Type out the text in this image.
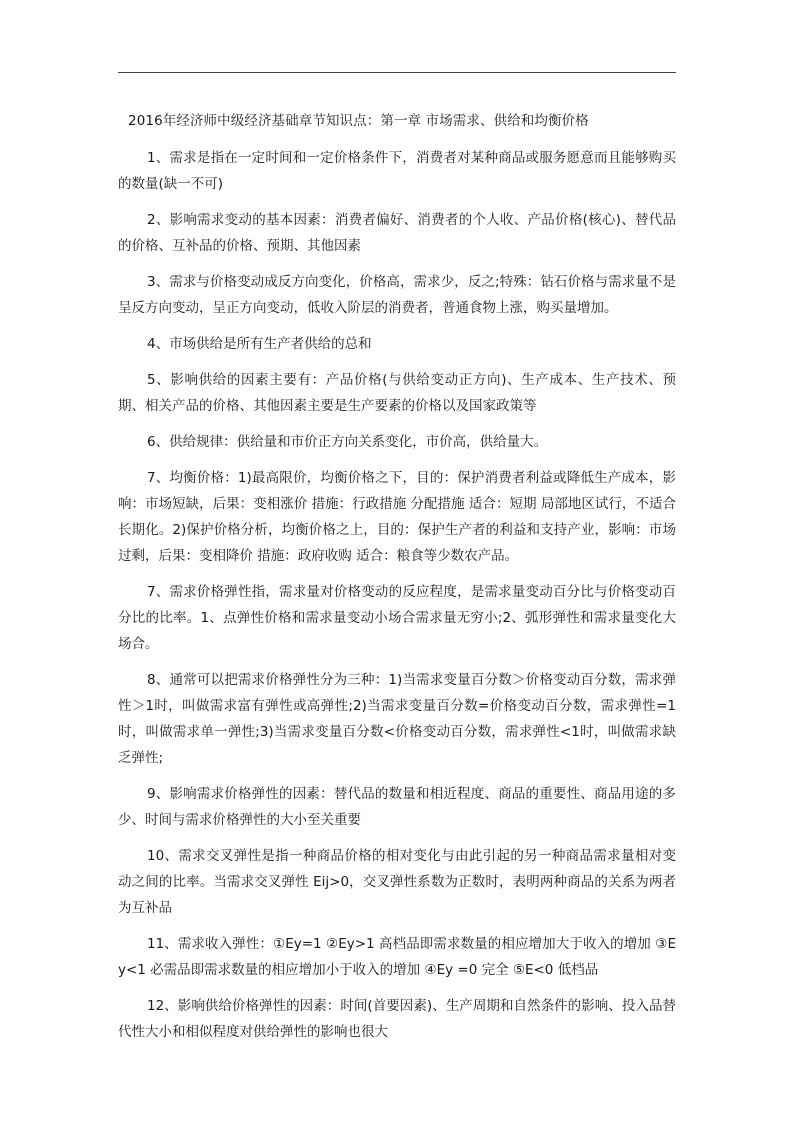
2016年经济师中级经济基础章节知识点：第一章 市场需求、供给和均衡价格

1、需求是指在一定时间和一定价格条件下，消费者对某种商品或服务愿意而且能够购买的数量(缺一不可)

2、影响需求变动的基本因素：消费者偏好、消费者的个人收、产品价格(核心)、替代品的价格、互补品的价格、预期、其他因素

3、需求与价格变动成反方向变化，价格高，需求少，反之;特殊：钻石价格与需求量不是呈反方向变动，呈正方向变动，低收入阶层的消费者，普通食物上涨，购买量增加。

4、市场供给是所有生产者供给的总和

5、影响供给的因素主要有：产品价格(与供给变动正方向)、生产成本、生产技术、预期、相关产品的价格、其他因素主要是生产要素的价格以及国家政策等

6、供给规律：供给量和市价正方向关系变化，市价高，供给量大。

7、均衡价格：1)最高限价，均衡价格之下，目的：保护消费者利益或降低生产成本，影响：市场短缺，后果：变相涨价 措施：行政措施 分配措施 适合：短期 局部地区试行，不适合长期化。2)保护价格分析，均衡价格之上，目的：保护生产者的利益和支持产业，影响：市场过剩，后果：变相降价 措施：政府收购 适合：粮食等少数农产品。

7、需求价格弹性指，需求量对价格变动的反应程度，是需求量变动百分比与价格变动百分比的比率。1、点弹性价格和需求量变动小场合需求量无穷小;2、弧形弹性和需求量变化大场合。

8、通常可以把需求价格弹性分为三种：1)当需求变量百分数＞价格变动百分数，需求弹性＞1时，叫做需求富有弹性或高弹性;2)当需求变量百分数=价格变动百分数，需求弹性=1时，叫做需求单一弹性;3)当需求变量百分数<价格变动百分数，需求弹性<1时，叫做需求缺乏弹性;

9、影响需求价格弹性的因素：替代品的数量和相近程度、商品的重要性、商品用途的多少、时间与需求价格弹性的大小至关重要

10、需求交叉弹性是指一种商品价格的相对变化与由此引起的另一种商品需求量相对变动之间的比率。当需求交叉弹性 Eij>0，交叉弹性系数为正数时，表明两种商品的关系为两者为互补品

11、需求收入弹性：①Ey=1 ②Ey>1 高档品即需求数量的相应增加大于收入的增加 ③Ey<1 必需品即需求数量的相应增加小于收入的增加 ④Ey =0 完全 ⑤E<0 低档品

12、影响供给价格弹性的因素：时间(首要因素)、生产周期和自然条件的影响、投入品替代性大小和相似程度对供给弹性的影响也很大
